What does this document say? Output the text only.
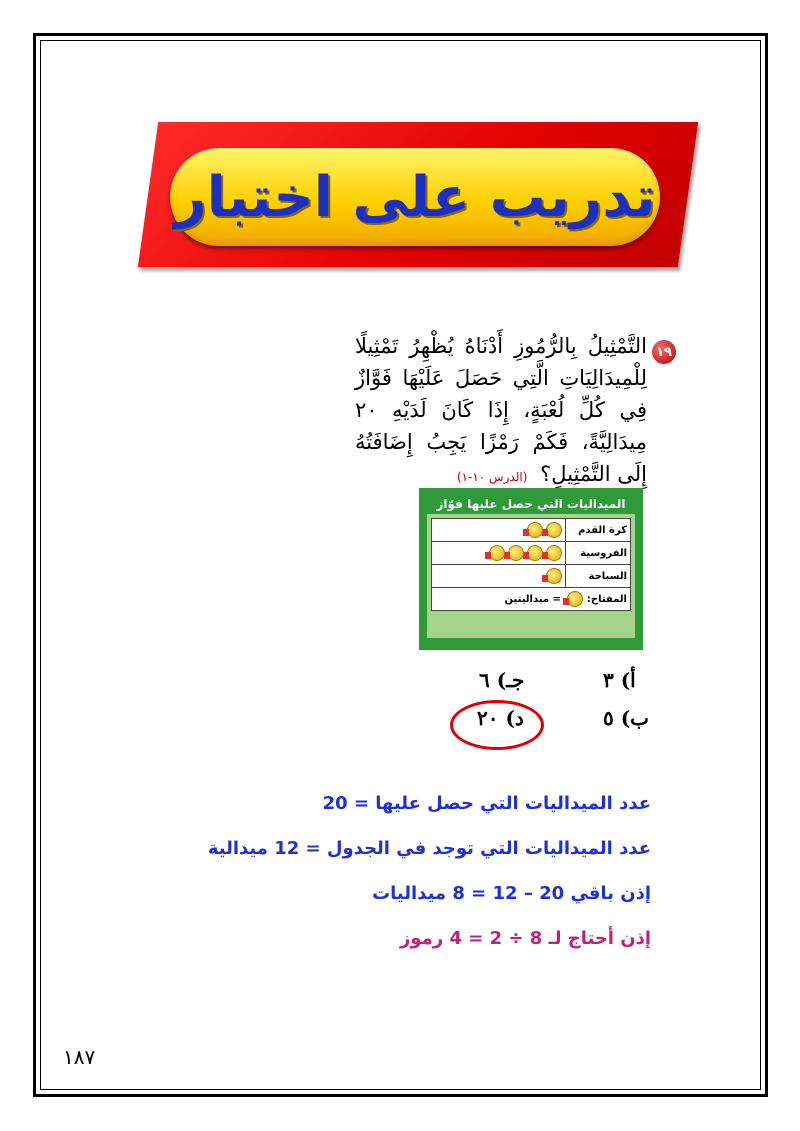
تدريب على اختبار
١٩
التَّمْثِيلُ بِالرُّمُوزِ أَدْنَاهُ يُظْهِرُ تَمْثِيلًا لِلْمِيدَالِيَاتِ الَّتِي حَصَلَ عَلَيْهَا فَوَّازٌ فِي كُلِّ لُعْبَةٍ، إِذَا كَانَ لَدَيْهِ ٢٠ مِيدَالِيَّةً، فَكَمْ رَمْزًا يَجِبُ إِضَافَتُهُ إِلَى التَّمْثِيلِ؟ (الدرس ١٠-١)
الميداليات التي حصل عليها فوّاز
كرة القدم	
الفروسية	
السباحة	
المفتاح:  = ميداليتين	
أ) ٣
جـ) ٦
ب) ٥
د) ٢٠
عدد الميداليات التي حصل عليها = 20
عدد الميداليات التي توجد في الجدول = 12 ميدالية
إذن باقي 20 – 12 = 8 ميداليات
إذن أحتاج لـ 8 ÷ 2 = 4 رموز
١٨٧
